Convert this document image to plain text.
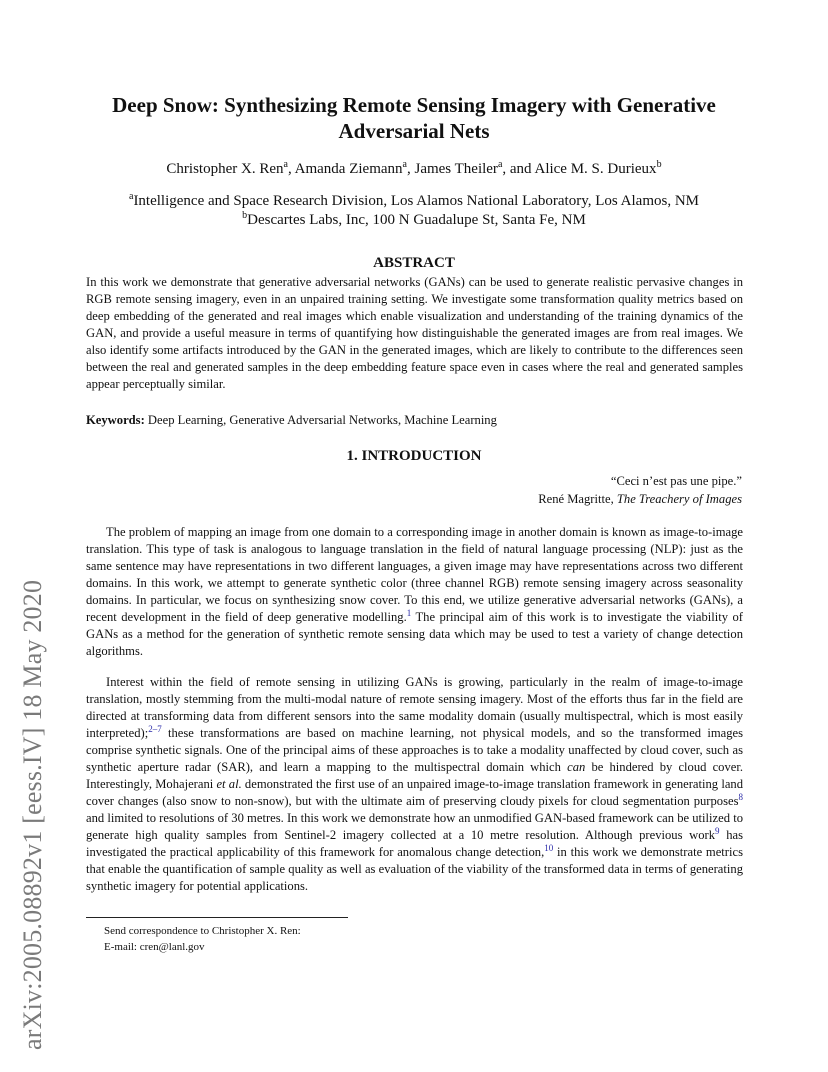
arXiv:2005.08892v1 [eess.IV] 18 May 2020
Deep Snow: Synthesizing Remote Sensing Imagery with Generative Adversarial Nets
Christopher X. Ren$^a$, Amanda Ziemann$^a$, James Theiler$^a$, and Alice M. S. Durieux$^b$
$^a$Intelligence and Space Research Division, Los Alamos National Laboratory, Los Alamos, NM
$^b$Descartes Labs, Inc, 100 N Guadalupe St, Santa Fe, NM
ABSTRACT
In this work we demonstrate that generative adversarial networks (GANs) can be used to generate realistic pervasive changes in RGB remote sensing imagery, even in an unpaired training setting. We investigate some transformation quality metrics based on deep embedding of the generated and real images which enable visualization and understanding of the training dynamics of the GAN, and provide a useful measure in terms of quantifying how distinguishable the generated images are from real images. We also identify some artifacts introduced by the GAN in the generated images, which are likely to contribute to the differences seen between the real and generated samples in the deep embedding feature space even in cases where the real and generated samples appear perceptually similar.
Keywords: Deep Learning, Generative Adversarial Networks, Machine Learning
1. INTRODUCTION
“Ceci n’est pas une pipe.”
René Magritte, The Treachery of Images

The problem of mapping an image from one domain to a corresponding image in another domain is known as image-to-image translation. This type of task is analogous to language translation in the field of natural language processing (NLP): just as the same sentence may have representations in two different languages, a given image may have representations across two different domains. In this work, we attempt to generate synthetic color (three channel RGB) remote sensing imagery across seasonality domains. In particular, we focus on synthesizing snow cover. To this end, we utilize generative adversarial networks (GANs), a recent development in the field of deep generative modelling.$^1$ The principal aim of this work is to investigate the viability of GANs as a method for the generation of synthetic remote sensing data which may be used to test a variety of change detection algorithms.

Interest within the field of remote sensing in utilizing GANs is growing, particularly in the realm of image-to-image translation, mostly stemming from the multi-modal nature of remote sensing imagery. Most of the efforts thus far in the field are directed at transforming data from different sensors into the same modality domain (usually multispectral, which is most easily interpreted);$^{2-7}$ these transformations are based on machine learning, not physical models, and so the transformed images comprise synthetic signals. One of the principal aims of these approaches is to take a modality unaffected by cloud cover, such as synthetic aperture radar (SAR), and learn a mapping to the multispectral domain which can be hindered by cloud cover. Interestingly, Mohajerani et al. demonstrated the first use of an unpaired image-to-image translation framework in generating land cover changes (also snow to non-snow), but with the ultimate aim of preserving cloudy pixels for cloud segmentation purposes$^8$ and limited to resolutions of 30 metres. In this work we demonstrate how an unmodified GAN-based framework can be utilized to generate high quality samples from Sentinel-2 imagery collected at a 10 metre resolution. Although previous work$^9$ has investigated the practical applicability of this framework for anomalous change detection,$^{10}$ in this work we demonstrate metrics that enable the quantification of sample quality as well as evaluation of the viability of the transformed data in terms of generating synthetic imagery for potential applications.

Send correspondence to Christopher X. Ren:
E-mail: cren@lanl.gov
